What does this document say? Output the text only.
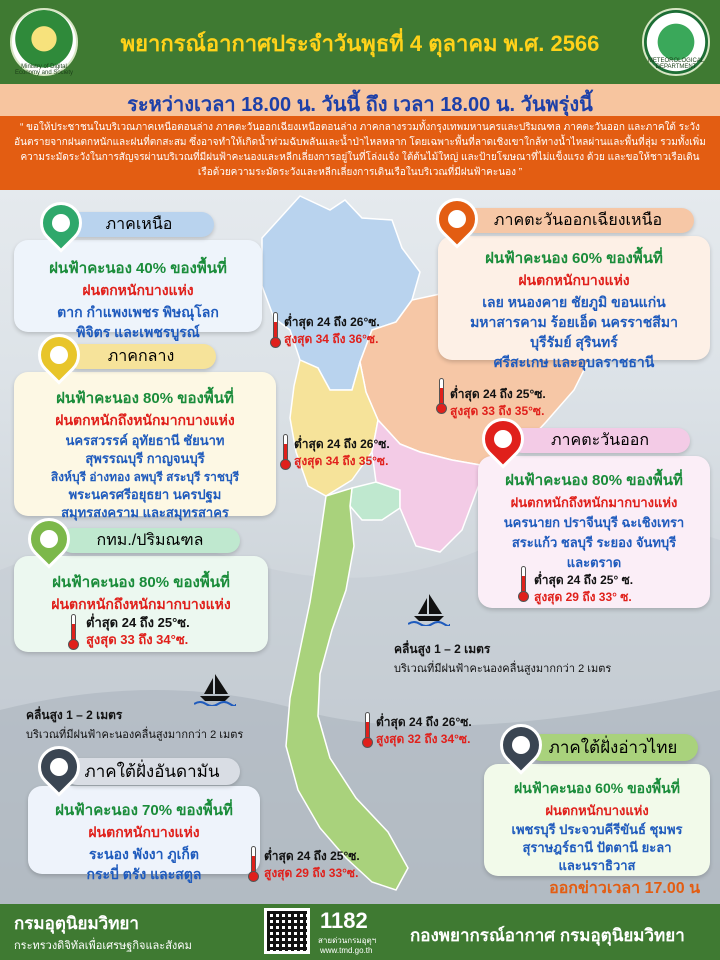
Ministry of Digital Economy and Society
พยากรณ์อากาศประจำวันพุธที่ 4 ตุลาคม พ.ศ. 2566
METEOROLOGICAL DEPARTMENT
ระหว่างเวลา 18.00 น. วันนี้ ถึง เวลา 18.00 น. วันพรุ่งนี้
“ ขอให้ประชาชนในบริเวณภาคเหนือตอนล่าง ภาคตะวันออกเฉียงเหนือตอนล่าง ภาคกลางรวมทั้งกรุงเทพมหานครและปริมณฑล ภาคตะวันออก และภาคใต้ ระวังอันตรายจากฝนตกหนักและฝนที่ตกสะสม ซึ่งอาจทำให้เกิดน้ำท่วมฉับพลันและน้ำป่าไหลหลาก โดยเฉพาะพื้นที่ลาดเชิงเขาใกล้ทางน้ำไหลผ่านและพื้นที่ลุ่ม รวมทั้งเพิ่มความระมัดระวังในการสัญจรผ่านบริเวณที่มีฝนฟ้าคะนองและหลีกเลี่ยงการอยู่ในที่โล่งแจ้ง ใต้ต้นไม้ใหญ่ และป้ายโฆษณาที่ไม่แข็งแรง ด้วย และขอให้ชาวเรือเดินเรือด้วยความระมัดระวังและหลีกเลี่ยงการเดินเรือในบริเวณที่มีฝนฟ้าคะนอง ”
ฝนฟ้าคะนอง 40% ของพื้นที่
ฝนตกหนักบางแห่ง
ตาก กำแพงเพชร พิษณุโลก
พิจิตร และเพชรบูรณ์
ภาคเหนือ
ฝนฟ้าคะนอง 60% ของพื้นที่
ฝนตกหนักบางแห่ง
เลย หนองคาย ชัยภูมิ ขอนแก่น
มหาสารคาม ร้อยเอ็ด นครราชสีมา
บุรีรัมย์ สุรินทร์
ศรีสะเกษ และอุบลราชธานี
ภาคตะวันออกเฉียงเหนือ
ฝนฟ้าคะนอง 80% ของพื้นที่
ฝนตกหนักถึงหนักมากบางแห่ง
นครสวรรค์ อุทัยธานี ชัยนาท
สุพรรณบุรี กาญจนบุรี
สิงห์บุรี อ่างทอง ลพบุรี สระบุรี ราชบุรี
พระนครศรีอยุธยา นครปฐม
สมุทรสงคราม และสมุทรสาคร
ภาคกลาง
ฝนฟ้าคะนอง 80% ของพื้นที่
ฝนตกหนักถึงหนักมากบางแห่ง
นครนายก ปราจีนบุรี ฉะเชิงเทรา
สระแก้ว ชลบุรี ระยอง จันทบุรี
และตราด
ภาคตะวันออก
ฝนฟ้าคะนอง 80% ของพื้นที่
ฝนตกหนักถึงหนักมากบางแห่ง
กทม./ปริมณฑล
ฝนฟ้าคะนอง 70% ของพื้นที่
ฝนตกหนักบางแห่ง
ระนอง พังงา ภูเก็ต
กระบี่ ตรัง และสตูล
ภาคใต้ฝั่งอันดามัน
ฝนฟ้าคะนอง 60% ของพื้นที่
ฝนตกหนักบางแห่ง
เพชรบุรี ประจวบคีรีขันธ์ ชุมพร
สุราษฎร์ธานี ปัตตานี ยะลา
และนราธิวาส
ภาคใต้ฝั่งอ่าวไทย
ต่ำสุด 24 ถึง 26°ซ.
สูงสุด 34 ถึง 36°ซ.
ต่ำสุด 24 ถึง 25°ซ.
สูงสุด 33 ถึง 35°ซ.
ต่ำสุด 24 ถึง 26°ซ.
สูงสุด 34 ถึง 35°ซ.
ต่ำสุด 24 ถึง 25° ซ.
สูงสุด 29 ถึง 33° ซ.
ต่ำสุด 24 ถึง 25°ซ.
สูงสุด 33 ถึง 34°ซ.
ต่ำสุด 24 ถึง 26°ซ.
สูงสุด 32 ถึง 34°ซ.
ต่ำสุด 24 ถึง 25°ซ.
สูงสุด 29 ถึง 33°ซ.
คลื่นสูง 1 – 2 เมตร
บริเวณที่มีฝนฟ้าคะนองคลื่นสูงมากกว่า 2 เมตร
คลื่นสูง 1 – 2 เมตร
บริเวณที่มีฝนฟ้าคะนองคลื่นสูงมากกว่า 2 เมตร
ออกข่าวเวลา 17.00 น
กรมอุตุนิยมวิทยา
กระทรวงดิจิทัลเพื่อเศรษฐกิจและสังคม
1182
สายด่วนกรมอุตุฯ
www.tmd.go.th
กองพยากรณ์อากาศ กรมอุตุนิยมวิทยา
